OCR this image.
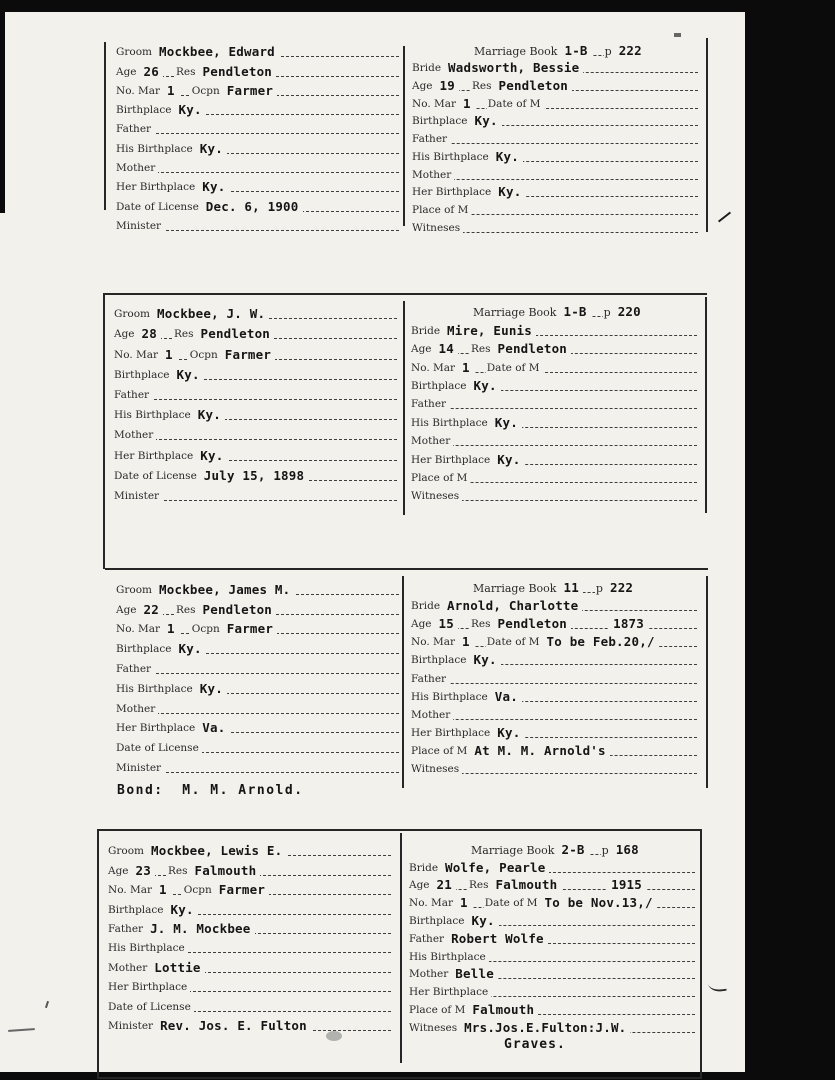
Groom Mockbee, Edward
Age 26	Res Pendleton
No. Mar 1	Ocpn Farmer
Birthplace Ky.
Father
His Birthplace Ky.
Mother
Her Birthplace Ky.
Date of License Dec. 6, 1900
Minister
Marriage Book 1-B	p 222
Bride Wadsworth, Bessie
Age 19	Res Pendleton
No. Mar 1	Date of M
Birthplace Ky.
Father
His Birthplace Ky.
Mother
Her Birthplace Ky.
Place of M
Witneses
Groom Mockbee, J. W.
Age 28	Res Pendleton
No. Mar 1	Ocpn Farmer
Birthplace Ky.
Father
His Birthplace Ky.
Mother
Her Birthplace Ky.
Date of License July 15, 1898
Minister
Marriage Book 1-B	p 220
Bride Mire, Eunis
Age 14	Res Pendleton
No. Mar 1	Date of M
Birthplace Ky.
Father
His Birthplace Ky.
Mother
Her Birthplace Ky.
Place of M
Witneses
Groom Mockbee, James M.
Age 22	Res Pendleton
No. Mar 1	Ocpn Farmer
Birthplace Ky.
Father
His Birthplace Ky.
Mother
Her Birthplace Va.
Date of License
Minister
Bond:  M. M. Arnold.
Marriage Book 11	p 222
Bride Arnold, Charlotte
Age 15	Res Pendleton	1873
No. Mar 1	Date of M To be Feb.20,/
Birthplace Ky.
Father
His Birthplace Va.
Mother
Her Birthplace Ky.
Place of M At M. M. Arnold's
Witneses
Groom Mockbee, Lewis E.
Age 23	Res Falmouth
No. Mar 1	Ocpn Farmer
Birthplace Ky.
Father J. M. Mockbee
His Birthplace
Mother Lottie
Her Birthplace
Date of License
Minister Rev. Jos. E. Fulton
Marriage Book 2-B	p 168
Bride Wolfe, Pearle
Age 21	Res Falmouth	1915
No. Mar 1	Date of M To be Nov.13,/
Birthplace Ky.
Father Robert Wolfe
His Birthplace
Mother Belle
Her Birthplace
Place of M Falmouth
Witneses Mrs.Jos.E.Fulton:J.W.
Graves.
